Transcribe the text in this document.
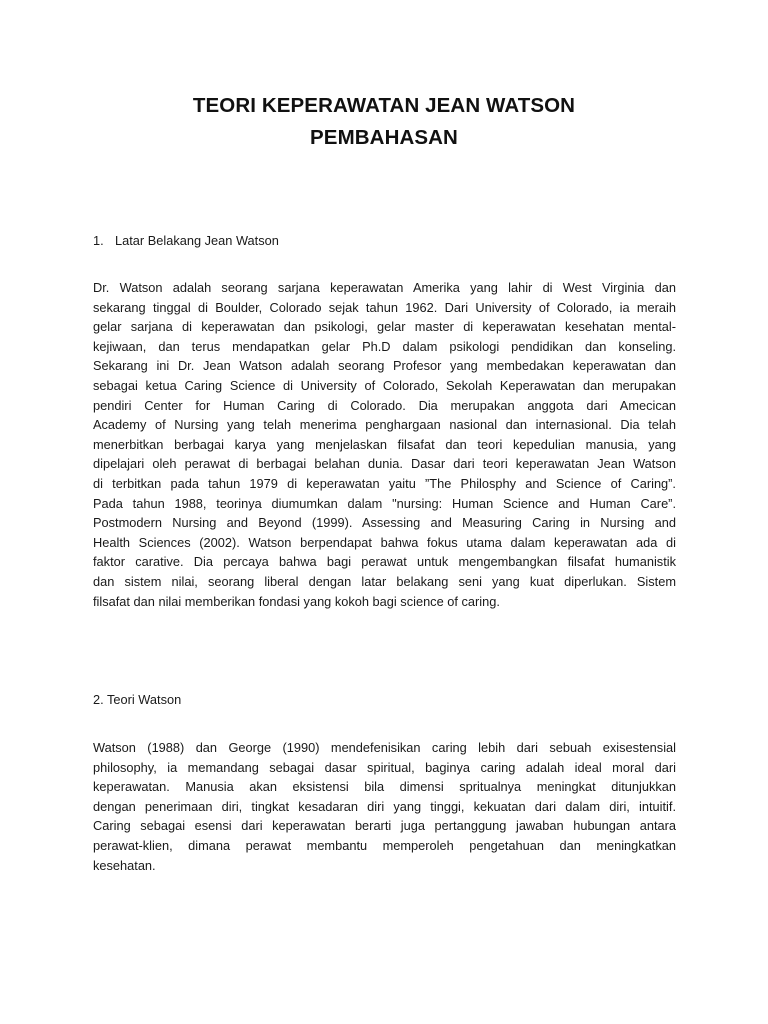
TEORI KEPERAWATAN JEAN WATSON
PEMBAHASAN
1. Latar Belakang Jean Watson
Dr. Watson adalah seorang sarjana keperawatan Amerika yang lahir di West Virginia dan
sekarang tinggal di Boulder, Colorado sejak tahun 1962. Dari University of Colorado, ia meraih
gelar sarjana di keperawatan dan psikologi, gelar master di keperawatan kesehatan mental-
kejiwaan, dan terus mendapatkan gelar Ph.D dalam psikologi pendidikan dan konseling.
Sekarang ini Dr. Jean Watson adalah seorang Profesor yang membedakan keperawatan dan
sebagai ketua Caring Science di University of Colorado, Sekolah Keperawatan dan merupakan
pendiri Center for Human Caring di Colorado. Dia merupakan anggota dari Amecican
Academy of Nursing yang telah menerima penghargaan nasional dan internasional. Dia telah
menerbitkan berbagai karya yang menjelaskan filsafat dan teori kepedulian manusia, yang
dipelajari oleh perawat di berbagai belahan dunia. Dasar dari teori keperawatan Jean Watson
di terbitkan pada tahun 1979 di keperawatan yaitu ”The Philosphy and Science of Caring”.
Pada tahun 1988, teorinya diumumkan dalam "nursing: Human Science and Human Care”.
Postmodern Nursing and Beyond (1999). Assessing and Measuring Caring in Nursing and
Health Sciences (2002). Watson berpendapat bahwa fokus utama dalam keperawatan ada di
faktor carative. Dia percaya bahwa bagi perawat untuk mengembangkan filsafat humanistik
dan sistem nilai, seorang liberal dengan latar belakang seni yang kuat diperlukan. Sistem
filsafat dan nilai memberikan fondasi yang kokoh bagi science of caring.
2. Teori Watson
Watson (1988) dan George (1990) mendefenisikan caring lebih dari sebuah exisestensial
philosophy, ia memandang sebagai dasar spiritual, baginya caring adalah ideal moral dari
keperawatan. Manusia akan eksistensi bila dimensi spritualnya meningkat ditunjukkan
dengan penerimaan diri, tingkat kesadaran diri yang tinggi, kekuatan dari dalam diri, intuitif.
Caring sebagai esensi dari keperawatan berarti juga pertanggung jawaban hubungan antara
perawat-klien, dimana perawat membantu memperoleh pengetahuan dan meningkatkan
kesehatan.
